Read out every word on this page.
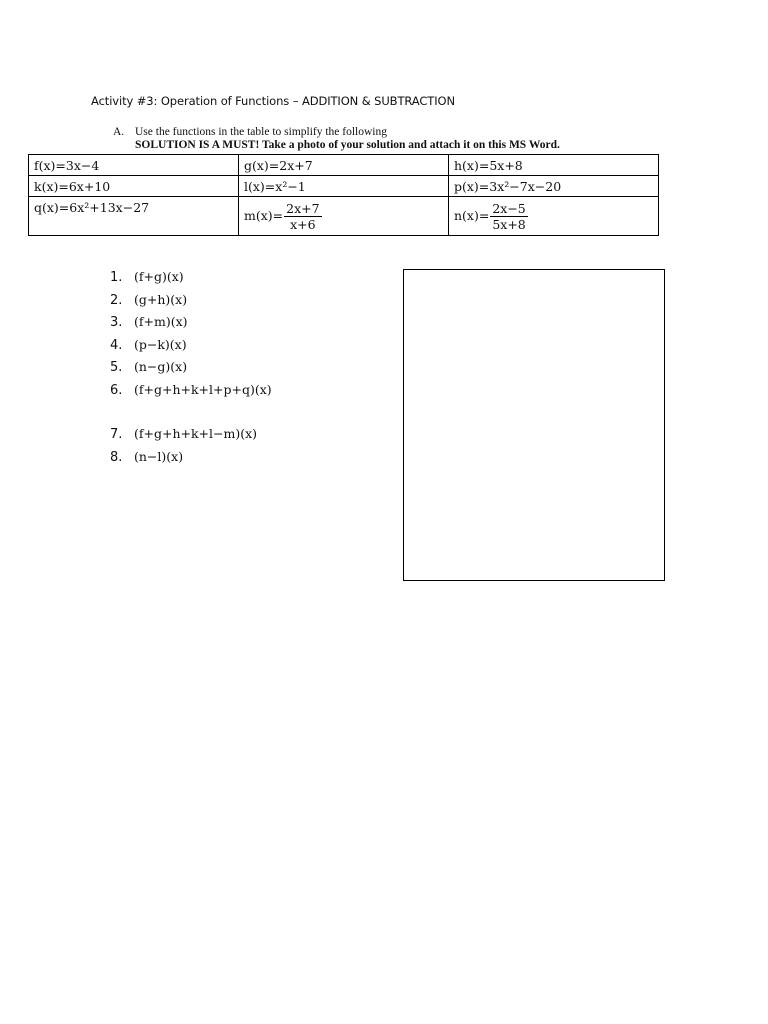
Activity #3: Operation of Functions – ADDITION & SUBTRACTION
A. Use the functions in the table to simplify the following
SOLUTION IS A MUST! Take a photo of your solution and attach it on this MS Word.
f(x)=3x−4	g(x)=2x+7	h(x)=5x+8
k(x)=6x+10	l(x)=x²−1	p(x)=3x²−7x−20
q(x)=6x²+13x−27	$m(x)= \frac{2x+7}{x+6}$	$n(x)= \frac{2x-5}{5x+8}$
1. (f+g)(x)
2. (g+h)(x)
3. (f+m)(x)
4. (p−k)(x)
5. (n−g)(x)
6. (f+g+h+k+l+p+q)(x)
7. (f+g+h+k+l−m)(x)
8. (n−l)(x)
